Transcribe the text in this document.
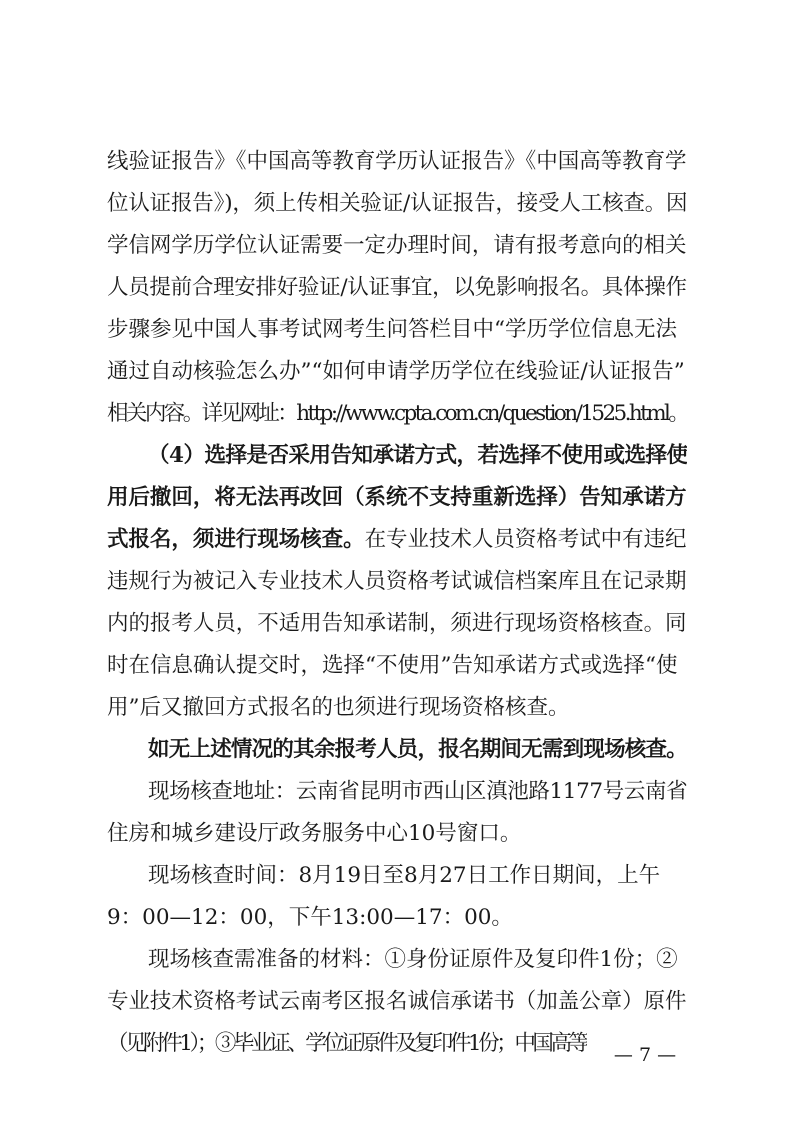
线验证报告》《中国高等教育学历认证报告》《中国高等教育学
位认证报告》)，须上传相关验证/认证报告，接受人工核查。因
学信网学历学位认证需要一定办理时间，请有报考意向的相关
人员提前合理安排好验证/认证事宜，以免影响报名。具体操作
步骤参见中国人事考试网考生问答栏目中“学历学位信息无法
通过自动核验怎么办”“如何申请学历学位在线验证/认证报告”
相关内容。详见网址：http://www.cpta.com.cn/question/1525.html。
（4）选择是否采用告知承诺方式，若选择不使用或选择使
用后撤回，将无法再改回（系统不支持重新选择）告知承诺方
式报名，须进行现场核查。在专业技术人员资格考试中有违纪
违规行为被记入专业技术人员资格考试诚信档案库且在记录期
内的报考人员，不适用告知承诺制，须进行现场资格核查。同
时在信息确认提交时，选择“不使用”告知承诺方式或选择“使
用”后又撤回方式报名的也须进行现场资格核查。
如无上述情况的其余报考人员，报名期间无需到现场核查。
现场核查地址：云南省昆明市西山区滇池路1177号云南省
住房和城乡建设厅政务服务中心10号窗口。
现场核查时间：8月19日至8月27日工作日期间，上午
9：00—12：00，下午13:00—17：00。
现场核查需准备的材料：①身份证原件及复印件1份；②
专业技术资格考试云南考区报名诚信承诺书（加盖公章）原件
（见附件1）；③毕业证、学位证原件及复印件1份；中国高等	— 7 —
